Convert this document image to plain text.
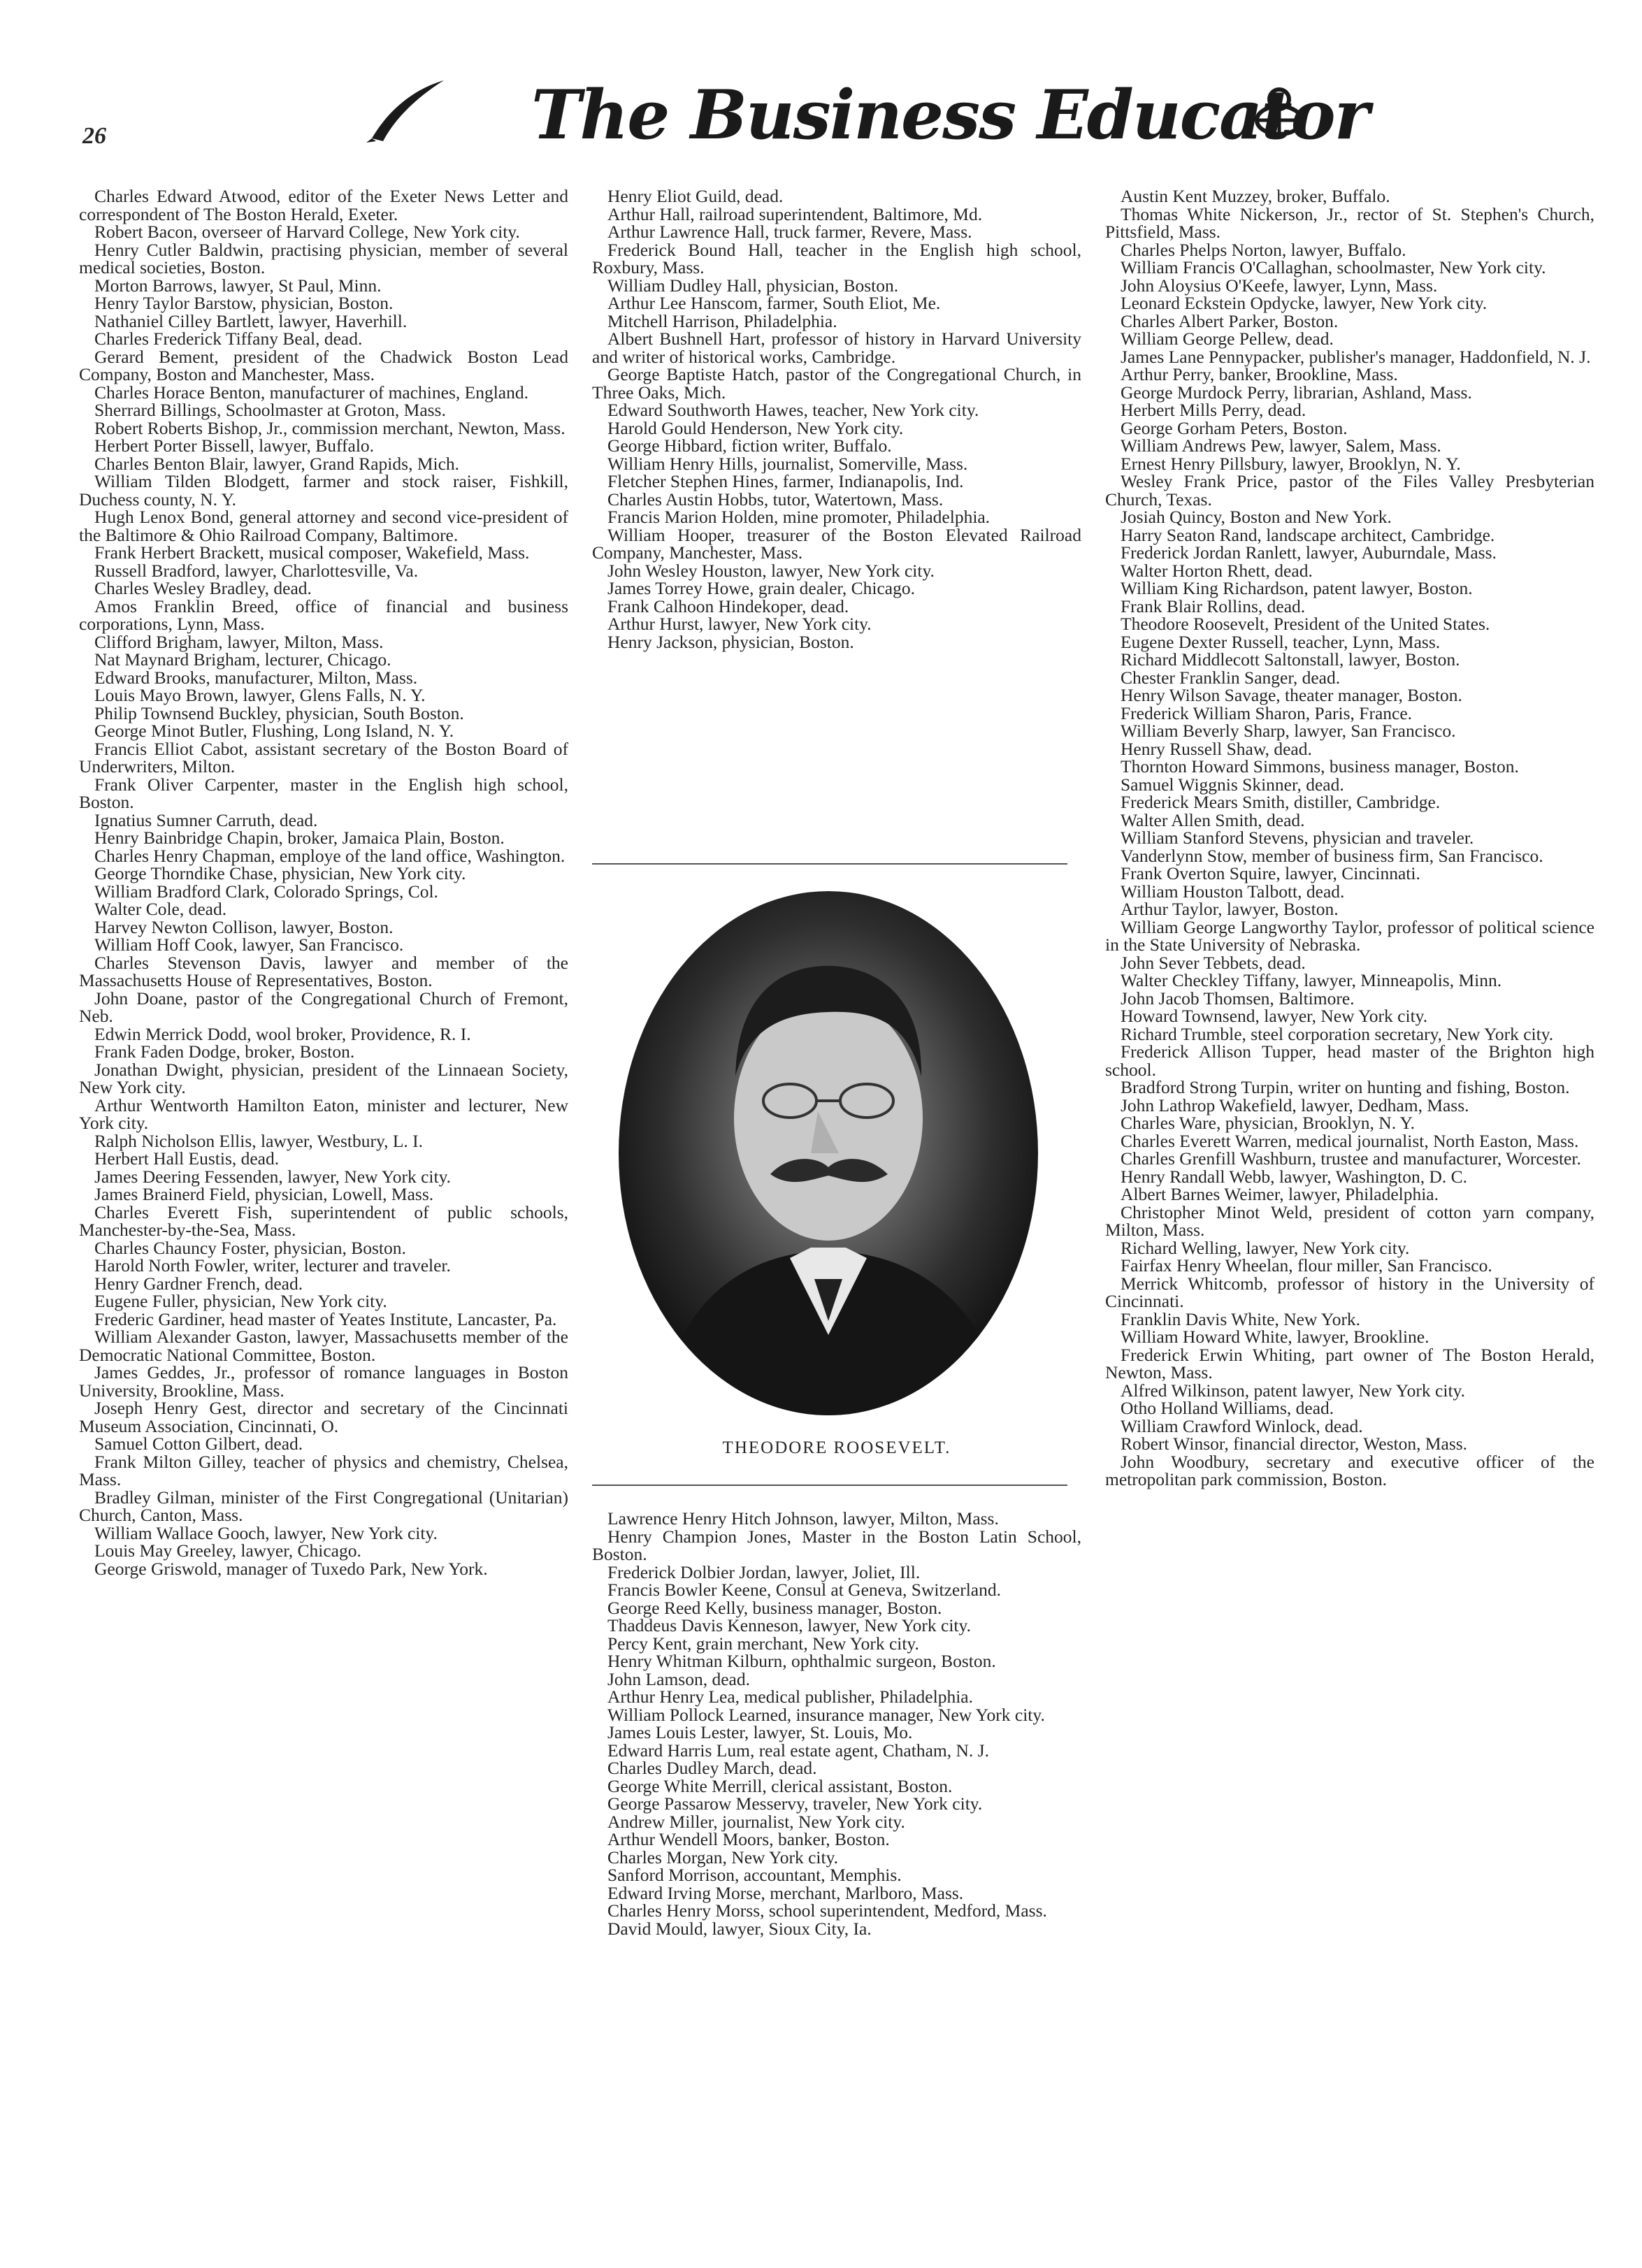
26	The Business Educator

Charles Edward Atwood, editor of the Exeter News Letter and correspondent of The Boston Herald, Exeter.

Robert Bacon, overseer of Harvard College, New York city.

Henry Cutler Baldwin, practising physician, member of several medical societies, Boston.

Morton Barrows, lawyer, St Paul, Minn.

Henry Taylor Barstow, physician, Boston.

Nathaniel Cilley Bartlett, lawyer, Haverhill.

Charles Frederick Tiffany Beal, dead.

Gerard Bement, president of the Chadwick Boston Lead Company, Boston and Manchester, Mass.

Charles Horace Benton, manufacturer of machines, England.

Sherrard Billings, Schoolmaster at Groton, Mass.

Robert Roberts Bishop, Jr., commission merchant, Newton, Mass.

Herbert Porter Bissell, lawyer, Buffalo.

Charles Benton Blair, lawyer, Grand Rapids, Mich.

William Tilden Blodgett, farmer and stock raiser, Fishkill, Duchess county, N. Y.

Hugh Lenox Bond, general attorney and second vice-president of the Baltimore & Ohio Railroad Company, Baltimore.

Frank Herbert Brackett, musical composer, Wakefield, Mass.

Russell Bradford, lawyer, Charlottesville, Va.

Charles Wesley Bradley, dead.

Amos Franklin Breed, office of financial and business corporations, Lynn, Mass.

Clifford Brigham, lawyer, Milton, Mass.

Nat Maynard Brigham, lecturer, Chicago.

Edward Brooks, manufacturer, Milton, Mass.

Louis Mayo Brown, lawyer, Glens Falls, N. Y.

Philip Townsend Buckley, physician, South Boston.

George Minot Butler, Flushing, Long Island, N. Y.

Francis Elliot Cabot, assistant secretary of the Boston Board of Underwriters, Milton.

Frank Oliver Carpenter, master in the English high school, Boston.

Ignatius Sumner Carruth, dead.

Henry Bainbridge Chapin, broker, Jamaica Plain, Boston.

Charles Henry Chapman, employe of the land office, Washington.

George Thorndike Chase, physician, New York city.

William Bradford Clark, Colorado Springs, Col.

Walter Cole, dead.

Harvey Newton Collison, lawyer, Boston.

William Hoff Cook, lawyer, San Francisco.

Charles Stevenson Davis, lawyer and member of the Massachusetts House of Representatives, Boston.

John Doane, pastor of the Congregational Church of Fremont, Neb.

Edwin Merrick Dodd, wool broker, Providence, R. I.

Frank Faden Dodge, broker, Boston.

Jonathan Dwight, physician, president of the Linnaean Society, New York city.

Arthur Wentworth Hamilton Eaton, minister and lecturer, New York city.

Ralph Nicholson Ellis, lawyer, Westbury, L. I.

Herbert Hall Eustis, dead.

James Deering Fessenden, lawyer, New York city.

James Brainerd Field, physician, Lowell, Mass.

Charles Everett Fish, superintendent of public schools, Manchester-by-the-Sea, Mass.

Charles Chauncy Foster, physician, Boston.

Harold North Fowler, writer, lecturer and traveler.

Henry Gardner French, dead.

Eugene Fuller, physician, New York city.

Frederic Gardiner, head master of Yeates Institute, Lancaster, Pa.

William Alexander Gaston, lawyer, Massachusetts member of the Democratic National Committee, Boston.

James Geddes, Jr., professor of romance languages in Boston University, Brookline, Mass.

Joseph Henry Gest, director and secretary of the Cincinnati Museum Association, Cincinnati, O.

Samuel Cotton Gilbert, dead.

Frank Milton Gilley, teacher of physics and chemistry, Chelsea, Mass.

Bradley Gilman, minister of the First Congregational (Unitarian) Church, Canton, Mass.

William Wallace Gooch, lawyer, New York city.

Louis May Greeley, lawyer, Chicago.

George Griswold, manager of Tuxedo Park, New York.

Henry Eliot Guild, dead.

Arthur Hall, railroad superintendent, Baltimore, Md.

Arthur Lawrence Hall, truck farmer, Revere, Mass.

Frederick Bound Hall, teacher in the English high school, Roxbury, Mass.

William Dudley Hall, physician, Boston.

Arthur Lee Hanscom, farmer, South Eliot, Me.

Mitchell Harrison, Philadelphia.

Albert Bushnell Hart, professor of history in Harvard University and writer of historical works, Cambridge.

George Baptiste Hatch, pastor of the Congregational Church, in Three Oaks, Mich.

Edward Southworth Hawes, teacher, New York city.

Harold Gould Henderson, New York city.

George Hibbard, fiction writer, Buffalo.

William Henry Hills, journalist, Somerville, Mass.

Fletcher Stephen Hines, farmer, Indianapolis, Ind.

Charles Austin Hobbs, tutor, Watertown, Mass.

Francis Marion Holden, mine promoter, Philadelphia.

William Hooper, treasurer of the Boston Elevated Railroad Company, Manchester, Mass.

John Wesley Houston, lawyer, New York city.

James Torrey Howe, grain dealer, Chicago.

Frank Calhoon Hindekoper, dead.

Arthur Hurst, lawyer, New York city.

Henry Jackson, physician, Boston.

THEODORE ROOSEVELT.

Lawrence Henry Hitch Johnson, lawyer, Milton, Mass.

Henry Champion Jones, Master in the Boston Latin School, Boston.

Frederick Dolbier Jordan, lawyer, Joliet, Ill.

Francis Bowler Keene, Consul at Geneva, Switzerland.

George Reed Kelly, business manager, Boston.

Thaddeus Davis Kenneson, lawyer, New York city.

Percy Kent, grain merchant, New York city.

Henry Whitman Kilburn, ophthalmic surgeon, Boston.

John Lamson, dead.

Arthur Henry Lea, medical publisher, Philadelphia.

William Pollock Learned, insurance manager, New York city.

James Louis Lester, lawyer, St. Louis, Mo.

Edward Harris Lum, real estate agent, Chatham, N. J.

Charles Dudley March, dead.

George White Merrill, clerical assistant, Boston.

George Passarow Messervy, traveler, New York city.

Andrew Miller, journalist, New York city.

Arthur Wendell Moors, banker, Boston.

Charles Morgan, New York city.

Sanford Morrison, accountant, Memphis.

Edward Irving Morse, merchant, Marlboro, Mass.

Charles Henry Morss, school superintendent, Medford, Mass.

David Mould, lawyer, Sioux City, Ia.

Austin Kent Muzzey, broker, Buffalo.

Thomas White Nickerson, Jr., rector of St. Stephen's Church, Pittsfield, Mass.

Charles Phelps Norton, lawyer, Buffalo.

William Francis O'Callaghan, schoolmaster, New York city.

John Aloysius O'Keefe, lawyer, Lynn, Mass.

Leonard Eckstein Opdycke, lawyer, New York city.

Charles Albert Parker, Boston.

William George Pellew, dead.

James Lane Pennypacker, publisher's manager, Haddonfield, N. J.

Arthur Perry, banker, Brookline, Mass.

George Murdock Perry, librarian, Ashland, Mass.

Herbert Mills Perry, dead.

George Gorham Peters, Boston.

William Andrews Pew, lawyer, Salem, Mass.

Ernest Henry Pillsbury, lawyer, Brooklyn, N. Y.

Wesley Frank Price, pastor of the Files Valley Presbyterian Church, Texas.

Josiah Quincy, Boston and New York.

Harry Seaton Rand, landscape architect, Cambridge.

Frederick Jordan Ranlett, lawyer, Auburndale, Mass.

Walter Horton Rhett, dead.

William King Richardson, patent lawyer, Boston.

Frank Blair Rollins, dead.

Theodore Roosevelt, President of the United States.

Eugene Dexter Russell, teacher, Lynn, Mass.

Richard Middlecott Saltonstall, lawyer, Boston.

Chester Franklin Sanger, dead.

Henry Wilson Savage, theater manager, Boston.

Frederick William Sharon, Paris, France.

William Beverly Sharp, lawyer, San Francisco.

Henry Russell Shaw, dead.

Thornton Howard Simmons, business manager, Boston.

Samuel Wiggnis Skinner, dead.

Frederick Mears Smith, distiller, Cambridge.

Walter Allen Smith, dead.

William Stanford Stevens, physician and traveler.

Vanderlynn Stow, member of business firm, San Francisco.

Frank Overton Squire, lawyer, Cincinnati.

William Houston Talbott, dead.

Arthur Taylor, lawyer, Boston.

William George Langworthy Taylor, professor of political science in the State University of Nebraska.

John Sever Tebbets, dead.

Walter Checkley Tiffany, lawyer, Minneapolis, Minn.

John Jacob Thomsen, Baltimore.

Howard Townsend, lawyer, New York city.

Richard Trumble, steel corporation secretary, New York city.

Frederick Allison Tupper, head master of the Brighton high school.

Bradford Strong Turpin, writer on hunting and fishing, Boston.

John Lathrop Wakefield, lawyer, Dedham, Mass.

Charles Ware, physician, Brooklyn, N. Y.

Charles Everett Warren, medical journalist, North Easton, Mass.

Charles Grenfill Washburn, trustee and manufacturer, Worcester.

Henry Randall Webb, lawyer, Washington, D. C.

Albert Barnes Weimer, lawyer, Philadelphia.

Christopher Minot Weld, president of cotton yarn company, Milton, Mass.

Richard Welling, lawyer, New York city.

Fairfax Henry Wheelan, flour miller, San Francisco.

Merrick Whitcomb, professor of history in the University of Cincinnati.

Franklin Davis White, New York.

William Howard White, lawyer, Brookline.

Frederick Erwin Whiting, part owner of The Boston Herald, Newton, Mass.

Alfred Wilkinson, patent lawyer, New York city.

Otho Holland Williams, dead.

William Crawford Winlock, dead.

Robert Winsor, financial director, Weston, Mass.

John Woodbury, secretary and executive officer of the metropolitan park commission, Boston.
